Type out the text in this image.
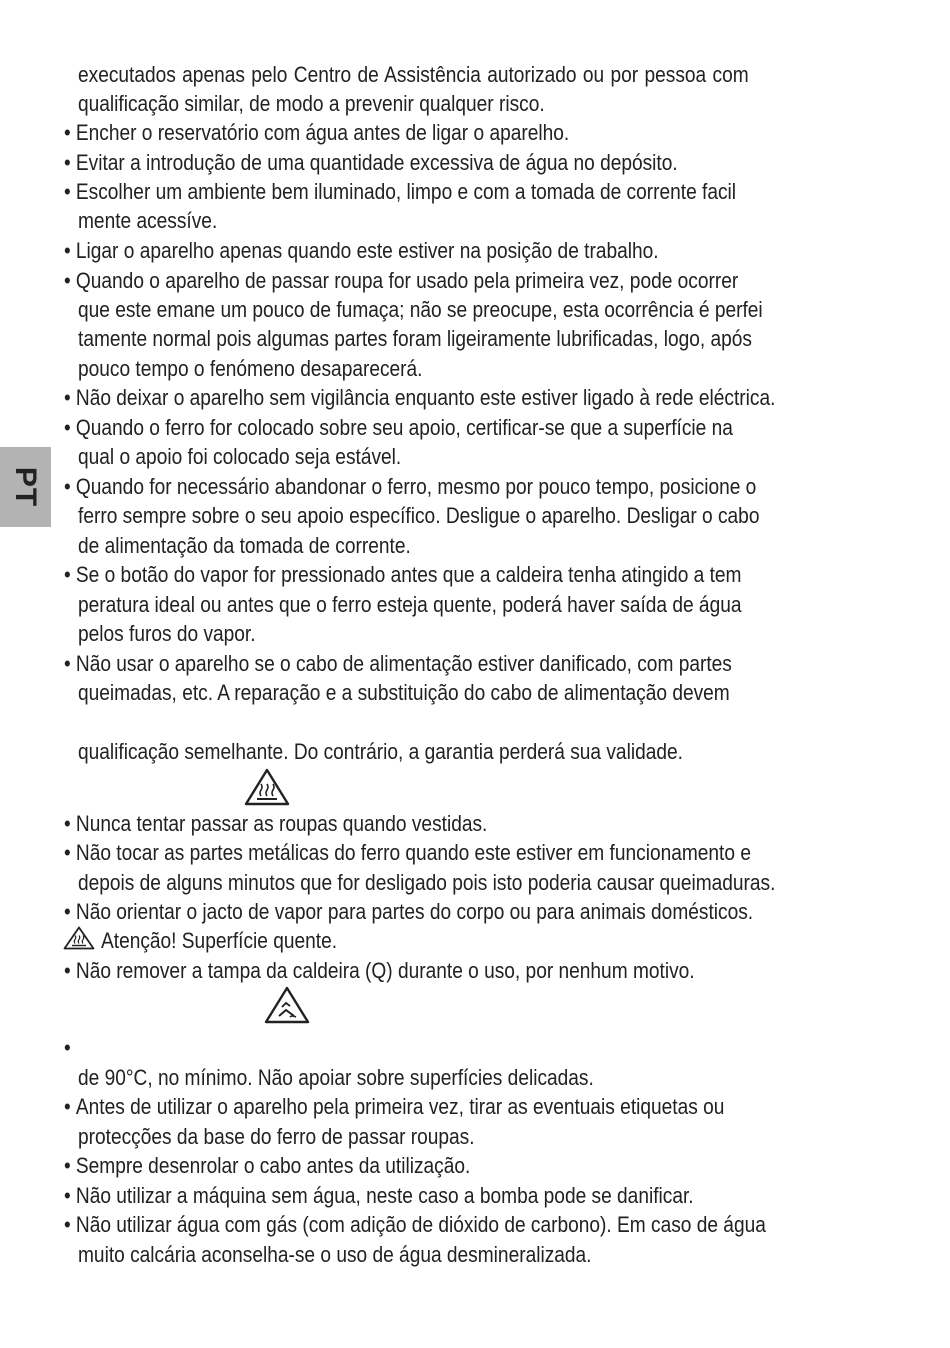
PT
executados apenas pelo Centro de Assistência autorizado ou por pessoa com
qualificação similar, de modo a prevenir qualquer risco.
• Encher o reservatório com água antes de ligar o aparelho.
• Evitar a introdução de uma quantidade excessiva de água no depósito.
• Escolher um ambiente bem iluminado, limpo e com a tomada de corrente facil
mente acessíve.
• Ligar o aparelho apenas quando este estiver na posição de trabalho.
• Quando o aparelho de passar roupa for usado pela primeira vez, pode ocorrer
que este emane um pouco de fumaça; não se preocupe, esta ocorrência é perfei
tamente normal pois algumas partes foram ligeiramente lubrificadas, logo, após
pouco tempo o fenómeno desaparecerá.
• Não deixar o aparelho sem vigilância enquanto este estiver ligado à rede eléctrica.
• Quando o ferro for colocado sobre seu apoio, certificar-se que a superfície na
qual o apoio foi colocado seja estável.
• Quando for necessário abandonar o ferro, mesmo por pouco tempo, posicione o
ferro sempre sobre o seu apoio específico. Desligue o aparelho. Desligar o cabo
de alimentação da tomada de corrente.
• Se o botão do vapor for pressionado antes que a caldeira tenha atingido a tem
peratura ideal ou antes que o ferro esteja quente, poderá haver saída de água
pelos furos do vapor.
• Não usar o aparelho se o cabo de alimentação estiver danificado, com partes
queimadas, etc. A reparação e a substituição do cabo de alimentação devem
qualificação semelhante. Do contrário, a garantia perderá sua validade.
• Nunca tentar passar as roupas quando vestidas.
• Não tocar as partes metálicas do ferro quando este estiver em funcionamento e
depois de alguns minutos que for desligado pois isto poderia causar queimaduras.
• Não orientar o jacto de vapor para partes do corpo ou para animais domésticos.
Atenção! Superfície quente.
• Não remover a tampa da caldeira (Q) durante o uso, por nenhum motivo.
•
de 90°C, no mínimo. Não apoiar sobre superfícies delicadas.
• Antes de utilizar o aparelho pela primeira vez, tirar as eventuais etiquetas ou
protecções da base do ferro de passar roupas.
• Sempre desenrolar o cabo antes da utilização.
• Não utilizar a máquina sem água, neste caso a bomba pode se danificar.
• Não utilizar água com gás (com adição de dióxido de carbono). Em caso de água
muito calcária aconselha-se o uso de água desmineralizada.
